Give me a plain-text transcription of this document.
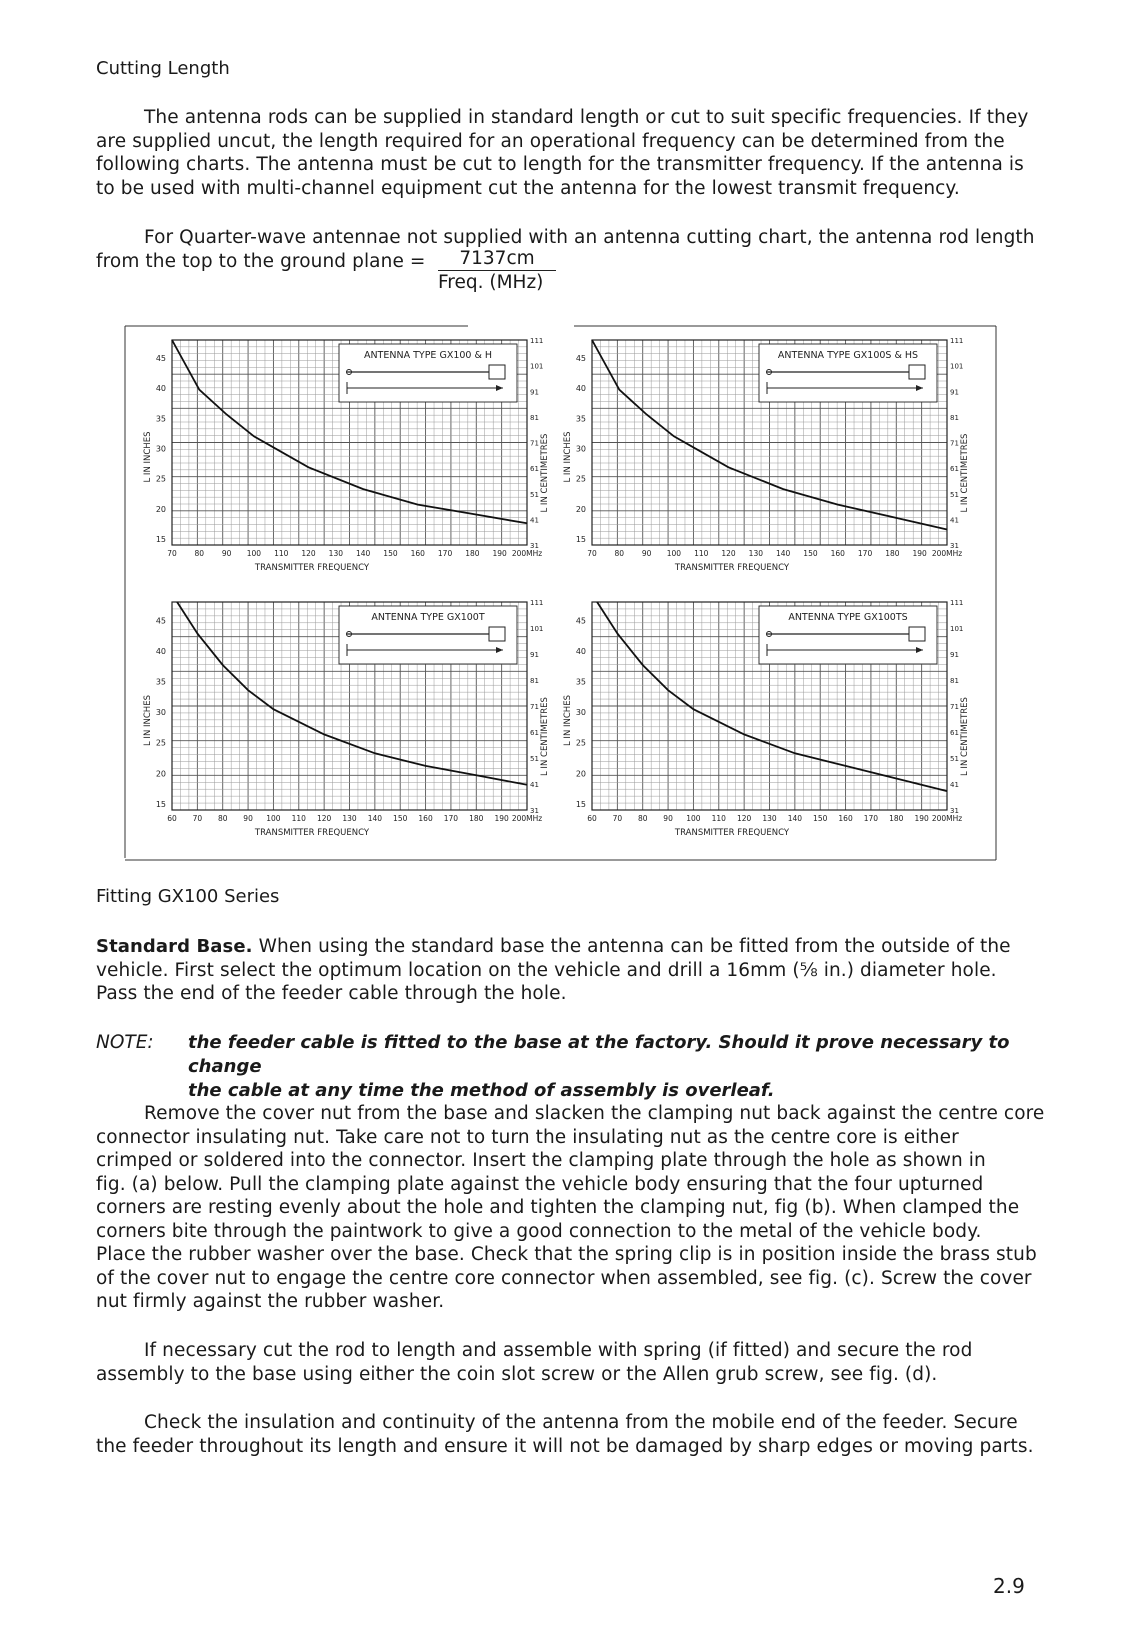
Cutting Length
The antenna rods can be supplied in standard length or cut to suit specific frequencies. If they
are supplied uncut, the length required for an operational frequency can be determined from the
following charts. The antenna must be cut to length for the transmitter frequency. If the antenna is
to be used with multi-channel equipment cut the antenna for the lowest transmit frequency.
For Quarter-wave antennae not supplied with an antenna cutting chart, the antenna rod length
from the top to the ground plane =	7137cm
Freq. (MHz)
ANTENNA TYPE GX100 & H
70 80 90 100 110 120 130 140 150 160 170 180 190 200MHz
15
20
25
30
35
40
45
31
41
51
61
71
81
91
101
111
TRANSMITTER FREQUENCY
L IN INCHES	L IN CENTIMETRES
ANTENNA TYPE GX100S & HS
70 80 90 100 110 120 130 140 150 160 170 180 190 200MHz
15
20
25
30
35
40
45
31
41
51
61
71
81
91
101
111
TRANSMITTER FREQUENCY
L IN INCHES	L IN CENTIMETRES
ANTENNA TYPE GX100T
60 70 80 90 100 110 120 130 140 150 160 170 180 190 200MHz
15
20
25
30
35
40
45
31
41
51
61
71
81
91
101
111
TRANSMITTER FREQUENCY
L IN INCHES	L IN CENTIMETRES
ANTENNA TYPE GX100TS
60 70 80 90 100 110 120 130 140 150 160 170 180 190 200MHz
15
20
25
30
35
40
45
31
41
51
61
71
81
91
101
111
TRANSMITTER FREQUENCY
L IN INCHES	L IN CENTIMETRES
Fitting GX100 Series
Standard Base. When using the standard base the antenna can be fitted from the outside of the
vehicle. First select the optimum location on the vehicle and drill a 16mm (⅝ in.) diameter hole.
Pass the end of the feeder cable through the hole.
NOTE: the feeder cable is fitted to the base at the factory. Should it prove necessary to change
the cable at any time the method of assembly is overleaf.
Remove the cover nut from the base and slacken the clamping nut back against the centre core
connector insulating nut. Take care not to turn the insulating nut as the centre core is either
crimped or soldered into the connector. Insert the clamping plate through the hole as shown in
fig. (a) below. Pull the clamping plate against the vehicle body ensuring that the four upturned
corners are resting evenly about the hole and tighten the clamping nut, fig (b). When clamped the
corners bite through the paintwork to give a good connection to the metal of the vehicle body.
Place the rubber washer over the base. Check that the spring clip is in position inside the brass stub
of the cover nut to engage the centre core connector when assembled, see fig. (c). Screw the cover
nut firmly against the rubber washer.
If necessary cut the rod to length and assemble with spring (if fitted) and secure the rod
assembly to the base using either the coin slot screw or the Allen grub screw, see fig. (d).
Check the insulation and continuity of the antenna from the mobile end of the feeder. Secure
the feeder throughout its length and ensure it will not be damaged by sharp edges or moving parts.
2.9
